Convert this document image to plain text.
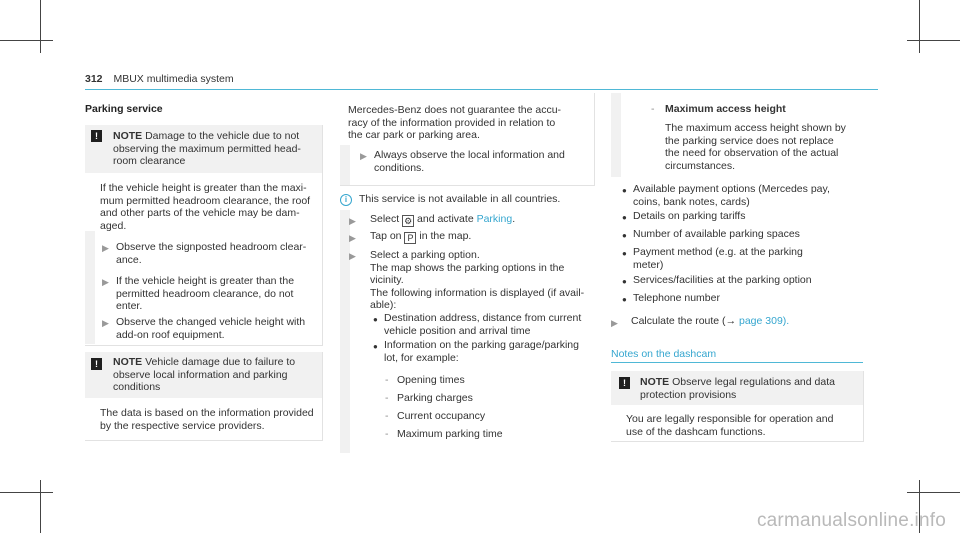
312 MBUX multimedia system
Parking service
!	NOTE Damage to the vehicle due to not
observing the maximum permitted head-
room clearance
If the vehicle height is greater than the maxi-
mum permitted headroom clearance, the roof
and other parts of the vehicle may be dam-
aged.
▶ Observe the signposted headroom clear-
ance.
▶ If the vehicle height is greater than the
permitted headroom clearance, do not
enter.
▶ Observe the changed vehicle height with
add-on roof equipment.
!	NOTE Vehicle damage due to failure to
observe local information and parking
conditions
The data is based on the information provided
by the respective service providers.
Mercedes-Benz does not guarantee the accu-
racy of the information provided in relation to
the car park or parking area.
▶ Always observe the local information and
conditions.
i	This service is not available in all countries.
▶ Select ⚙ and activate Parking.
▶ Tap on P in the map.
▶ Select a parking option.
The map shows the parking options in the
vicinity.
The following information is displayed (if avail-
able):
● Destination address, distance from current
vehicle position and arrival time
● Information on the parking garage/parking
lot, for example:
- Opening times
- Parking charges
- Current occupancy
- Maximum parking time
- Maximum access height
The maximum access height shown by
the parking service does not replace
the need for observation of the actual
circumstances.
● Available payment options (Mercedes pay,
coins, bank notes, cards)
● Details on parking tariffs
● Number of available parking spaces
● Payment method (e.g. at the parking
meter)
● Services/facilities at the parking option
● Telephone number
▶ Calculate the route (→ page 309).
Notes on the dashcam
!	NOTE Observe legal regulations and data
protection provisions
You are legally responsible for operation and
use of the dashcam functions.
carmanualsonline.info
